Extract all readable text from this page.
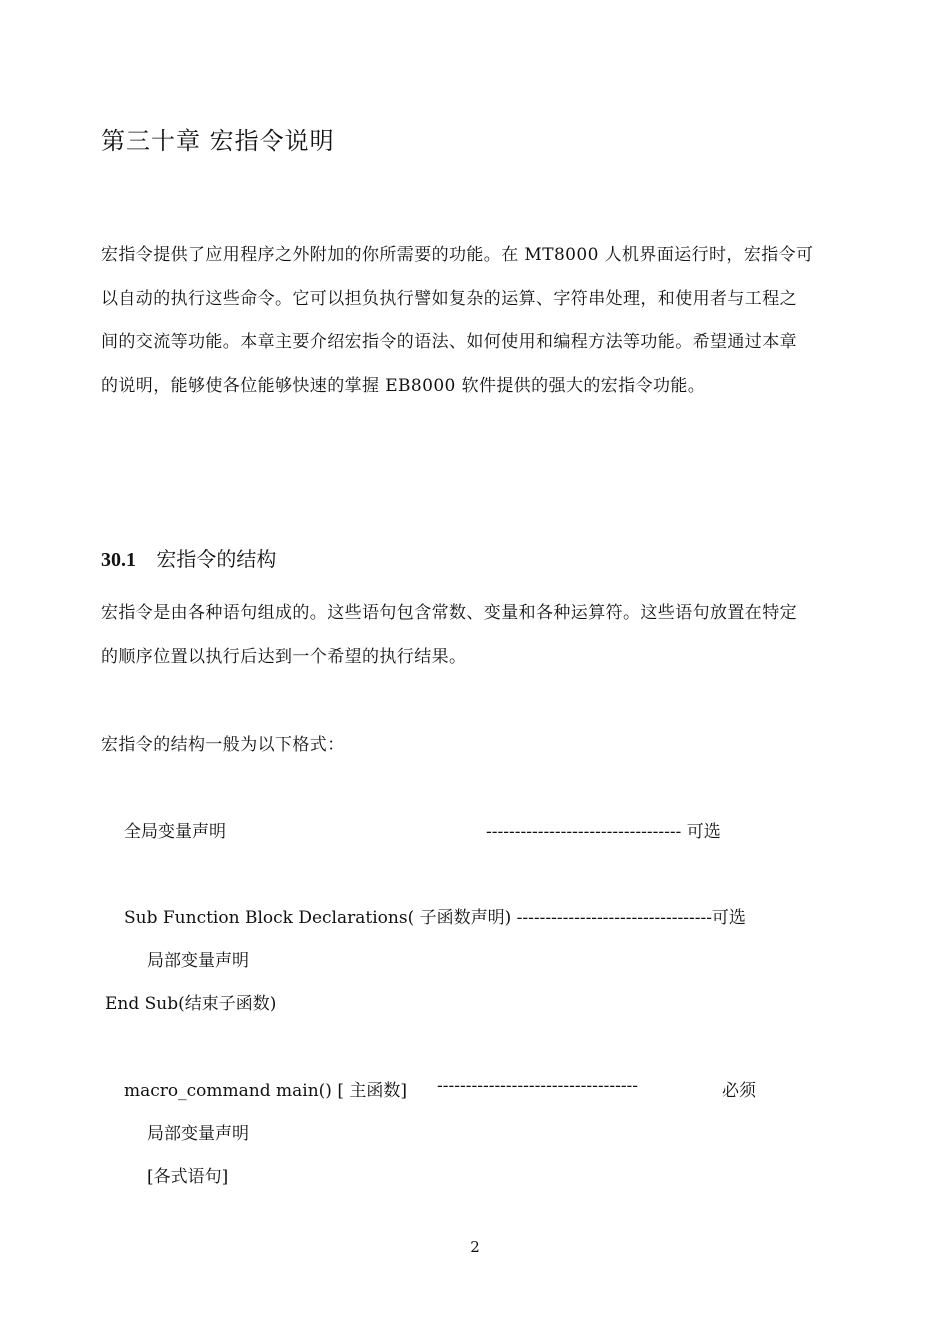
第三十章 宏指令说明
宏指令提供了应用程序之外附加的你所需要的功能。在 MT8000 人机界面运行时，宏指令可
以自动的执行这些命令。它可以担负执行譬如复杂的运算、字符串处理，和使用者与工程之
间的交流等功能。本章主要介绍宏指令的语法、如何使用和编程方法等功能。希望通过本章
的说明，能够使各位能够快速的掌握 EB8000 软件提供的强大的宏指令功能。
30.1 宏指令的结构
宏指令是由各种语句组成的。这些语句包含常数、变量和各种运算符。这些语句放置在特定
的顺序位置以执行后达到一个希望的执行结果。
宏指令的结构一般为以下格式：
全局变量声明	---------------------------------- 可选
Sub Function Block Declarations( 子函数声明) ----------------------------------可选
局部变量声明
End Sub(结束子函数)
macro_command main() [ 主函数] -----------------------------------	必须
局部变量声明
[各式语句]
2
